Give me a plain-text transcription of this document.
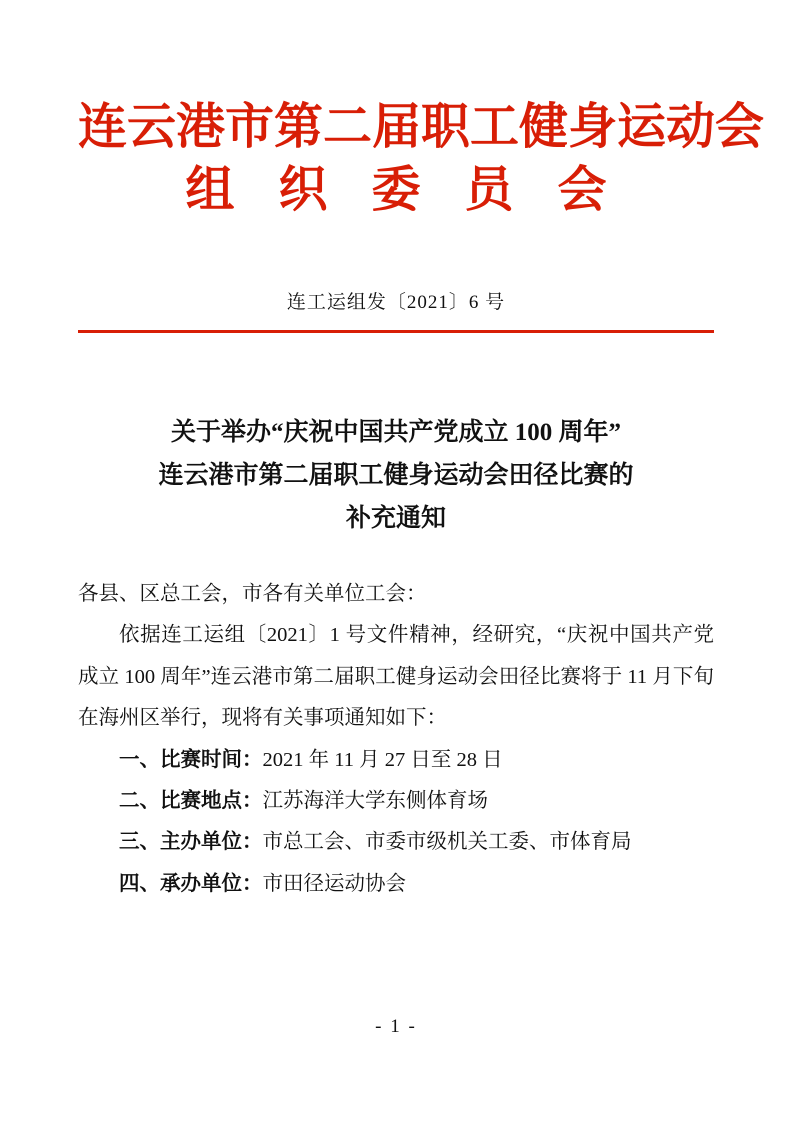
连云港市第二届职工健身运动会
组织委员会
连工运组发〔2021〕6 号
关于举办“庆祝中国共产党成立 100 周年”
连云港市第二届职工健身运动会田径比赛的
补充通知
各县、区总工会，市各有关单位工会：
依据连工运组〔2021〕1 号文件精神，经研究，“庆祝中国共产党成立 100 周年”连云港市第二届职工健身运动会田径比赛将于 11 月下旬在海州区举行，现将有关事项通知如下：
一、比赛时间：2021 年 11 月 27 日至 28 日
二、比赛地点：江苏海洋大学东侧体育场
三、主办单位：市总工会、市委市级机关工委、市体育局
四、承办单位：市田径运动协会
- 1 -
